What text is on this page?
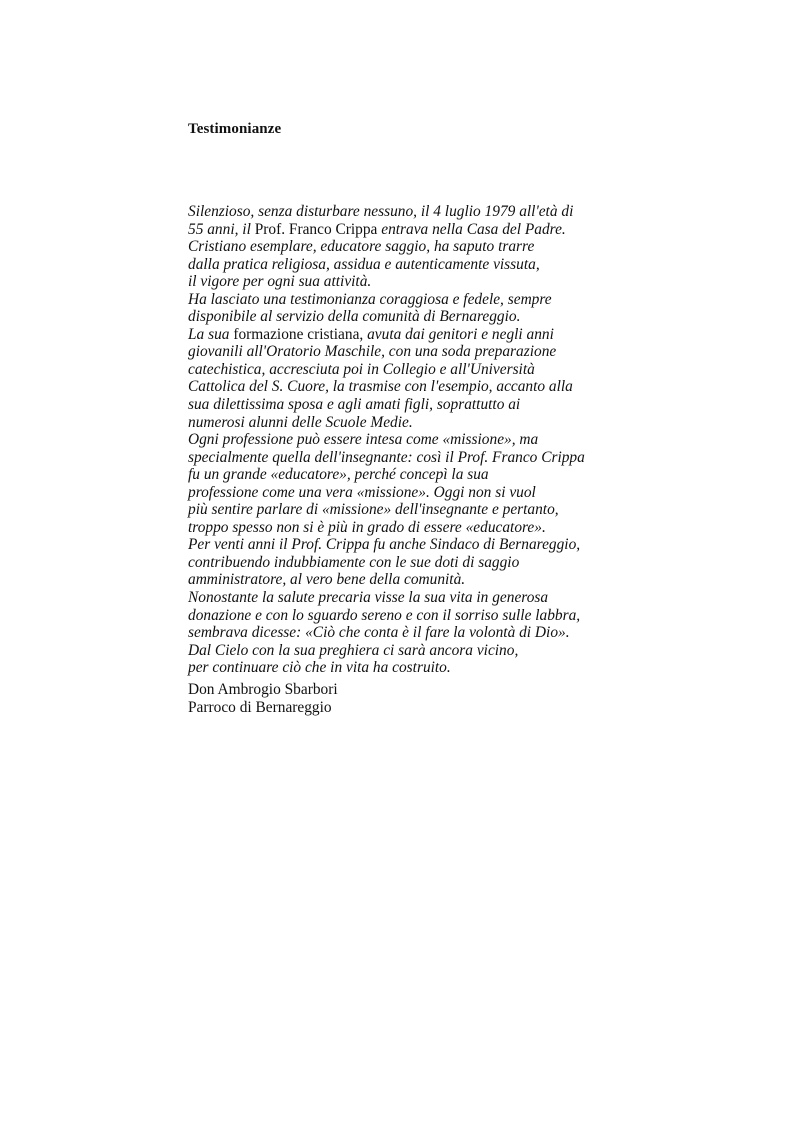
Testimonianze
Silenzioso, senza disturbare nessuno, il 4 luglio 1979 all'età di
55 anni, il Prof. Franco Crippa entrava nella Casa del Padre.
Cristiano esemplare, educatore saggio, ha saputo trarre
dalla pratica religiosa, assidua e autenticamente vissuta,
il vigore per ogni sua attività.
Ha lasciato una testimonianza coraggiosa e fedele, sempre
disponibile al servizio della comunità di Bernareggio.
La sua formazione cristiana, avuta dai genitori e negli anni
giovanili all'Oratorio Maschile, con una soda preparazione
catechistica, accresciuta poi in Collegio e all'Università
Cattolica del S. Cuore, la trasmise con l'esempio, accanto alla
sua dilettissima sposa e agli amati figli, soprattutto ai
numerosi alunni delle Scuole Medie.
Ogni professione può essere intesa come «missione», ma
specialmente quella dell'insegnante: così il Prof. Franco Crippa
fu un grande «educatore», perché concepì la sua
professione come una vera «missione». Oggi non si vuol
più sentire parlare di «missione» dell'insegnante e pertanto,
troppo spesso non si è più in grado di essere «educatore».
Per venti anni il Prof. Crippa fu anche Sindaco di Bernareggio,
contribuendo indubbiamente con le sue doti di saggio
amministratore, al vero bene della comunità.
Nonostante la salute precaria visse la sua vita in generosa
donazione e con lo sguardo sereno e con il sorriso sulle labbra,
sembrava dicesse: «Ciò che conta è il fare la volontà di Dio».
Dal Cielo con la sua preghiera ci sarà ancora vicino,
per continuare ciò che in vita ha costruito.
Don Ambrogio Sbarbori
Parroco di Bernareggio
